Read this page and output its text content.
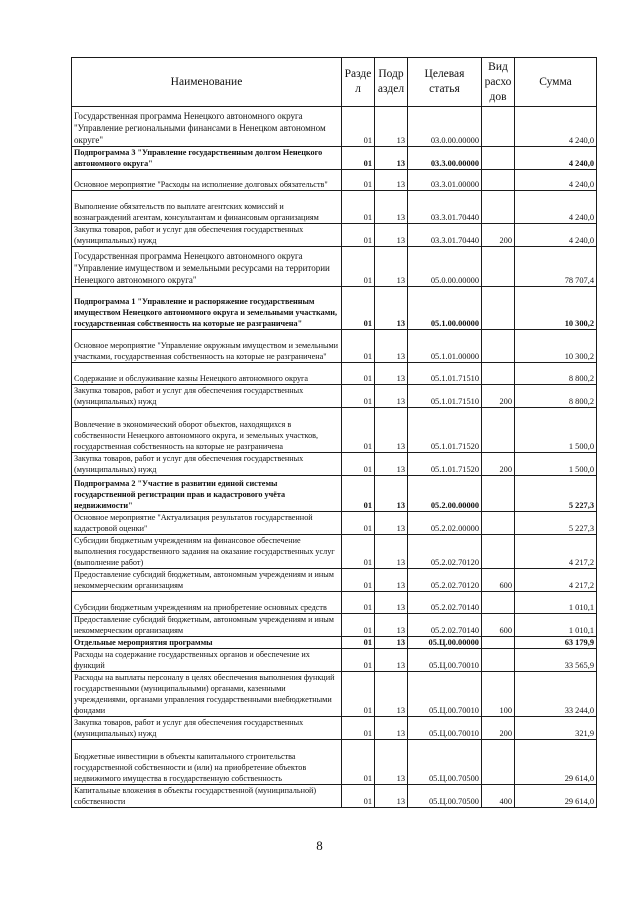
Наименование	Разде л	Подр аздел	Целевая статья	Вид расхо дов	Сумма
Государственная программа Ненецкого автономного округа "Управление региональными финансами в Ненецком автономном округе"	01	13	03.0.00.00000		4 240,0
Подпрограмма 3 "Управление государственным долгом Ненецкого автономного округа"	01	13	03.3.00.00000		4 240,0
Основное мероприятие "Расходы на исполнение долговых обязательств"	01	13	03.3.01.00000		4 240,0
Выполнение обязательств по выплате агентских комиссий и вознаграждений агентам, консультантам и финансовым организациям	01	13	03.3.01.70440		4 240,0
Закупка товаров, работ и услуг для обеспечения государственных (муниципальных) нужд	01	13	03.3.01.70440	200	4 240,0
Государственная программа Ненецкого автономного округа "Управление имуществом и земельными ресурсами на территории Ненецкого автономного округа"	01	13	05.0.00.00000		78 707,4
Подпрограмма 1 "Управление и распоряжение государственным имуществом Ненецкого автономного округа и земельными участками, государственная собственность на которые не разграничена"	01	13	05.1.00.00000		10 300,2
Основное мероприятие "Управление окружным имуществом и земельными участками, государственная собственность на которые не разграничена"	01	13	05.1.01.00000		10 300,2
Содержание и обслуживание казны Ненецкого автономного округа	01	13	05.1.01.71510		8 800,2
Закупка товаров, работ и услуг для обеспечения государственных (муниципальных) нужд	01	13	05.1.01.71510	200	8 800,2
Вовлечение в экономический оборот объектов, находящихся в собственности Ненецкого автономного округа, и земельных участков, государственная собственность на которые не разграничена	01	13	05.1.01.71520		1 500,0
Закупка товаров, работ и услуг для обеспечения государственных (муниципальных) нужд	01	13	05.1.01.71520	200	1 500,0
Подпрограмма 2 "Участие в развитии единой системы государственной регистрации прав и кадастрового учёта недвижимости"	01	13	05.2.00.00000		5 227,3
Основное мероприятие "Актуализация результатов государственной кадастровой оценки"	01	13	05.2.02.00000		5 227,3
Субсидии бюджетным учреждениям на финансовое обеспечение выполнения государственного задания на оказание государственных услуг (выполнение работ)	01	13	05.2.02.70120		4 217,2
Предоставление субсидий бюджетным, автономным учреждениям и иным некоммерческим организациям	01	13	05.2.02.70120	600	4 217,2
Субсидии бюджетным учреждениям на приобретение основных средств	01	13	05.2.02.70140		1 010,1
Предоставление субсидий бюджетным, автономным учреждениям и иным некоммерческим организациям	01	13	05.2.02.70140	600	1 010,1
Отдельные мероприятия программы	01	13	05.Ц.00.00000		63 179,9
Расходы на содержание государственных органов и обеспечение их функций	01	13	05.Ц.00.70010		33 565,9
Расходы на выплаты персоналу в целях обеспечения выполнения функций государственными (муниципальными) органами, казенными учреждениями, органами управления государственными внебюджетными фондами	01	13	05.Ц.00.70010	100	33 244,0
Закупка товаров, работ и услуг для обеспечения государственных (муниципальных) нужд	01	13	05.Ц.00.70010	200	321,9
Бюджетные инвестиции в объекты капитального строительства государственной собственности и (или) на приобретение объектов недвижимого имущества в государственную собственность	01	13	05.Ц.00.70500		29 614,0
Капитальные вложения в объекты государственной (муниципальной) собственности	01	13	05.Ц.00.70500	400	29 614,0
8
